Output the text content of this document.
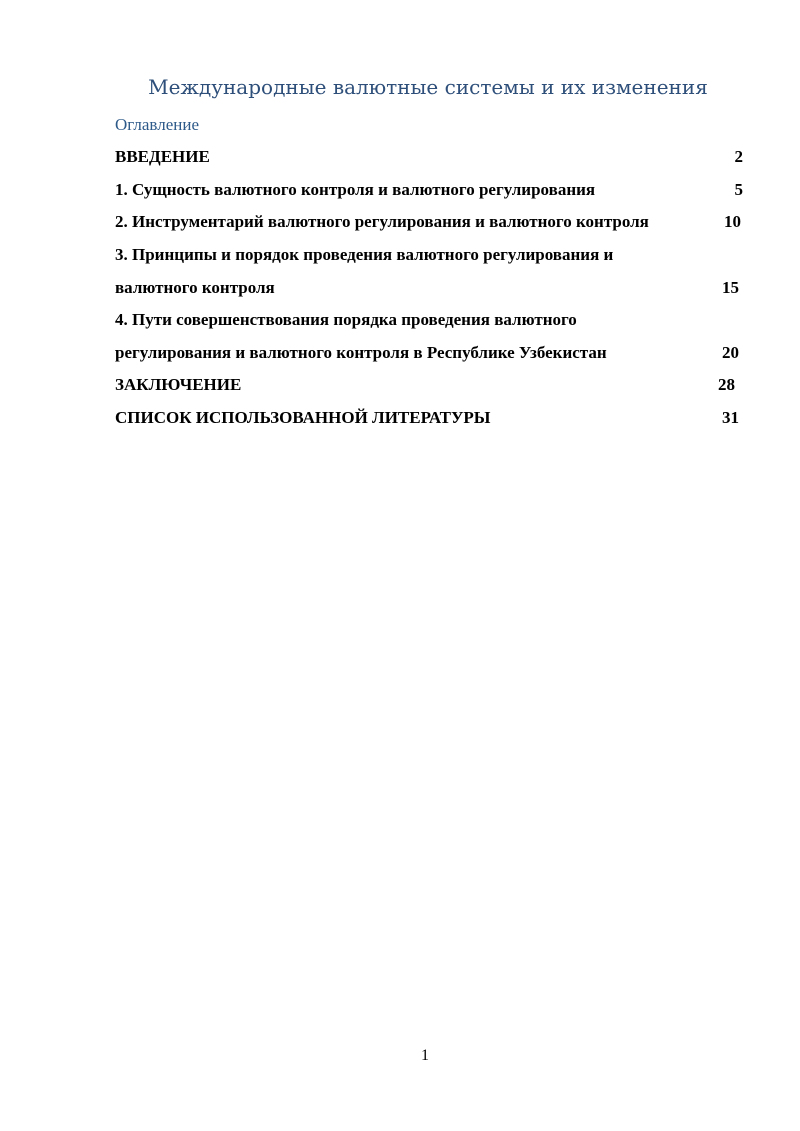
Международные валютные системы и их изменения
Оглавление
ВВЕДЕНИЕ	2
1. Сущность валютного контроля и валютного регулирования	5
2. Инструментарий валютного регулирования и валютного контроля	10
3. Принципы и порядок проведения валютного регулирования и
валютного контроля	15
4. Пути совершенствования порядка проведения валютного
регулирования и валютного контроля в Республике Узбекистан	20
ЗАКЛЮЧЕНИЕ	28
СПИСОК ИСПОЛЬЗОВАННОЙ ЛИТЕРАТУРЫ	31
1
